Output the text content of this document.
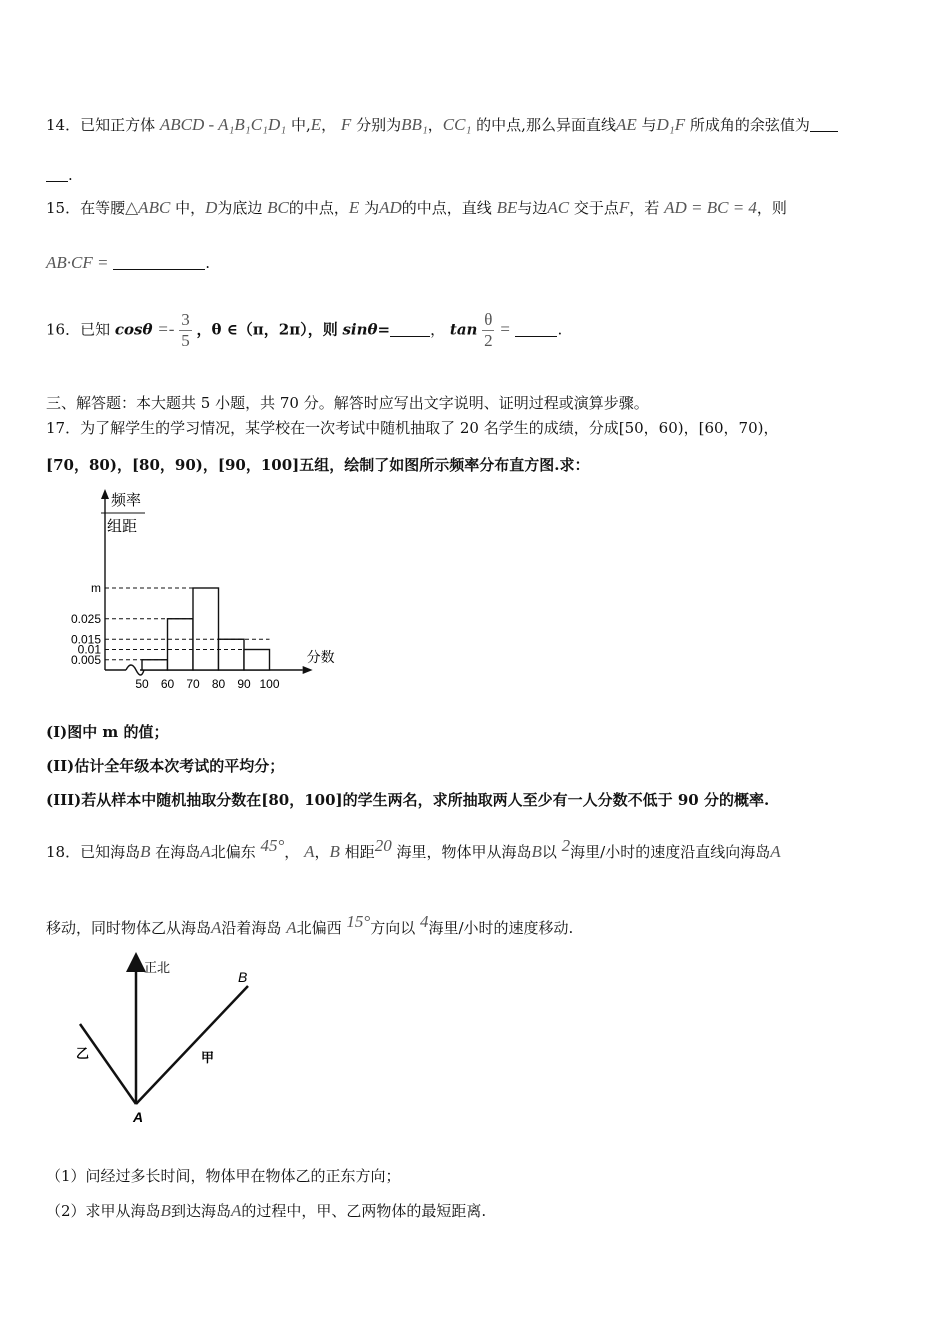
14．已知正方体 ABCD - A₁B₁C₁D₁ 中,E， F 分别为BB₁，CC₁ 的中点,那么异面直线AE 与D₁F 所成角的余弦值为
.
15．在等腰△ABC 中，D为底边 BC的中点，E 为AD的中点，直线 BE与边AC 交于点F，若 AD = BC = 4，则
AB·CF =	.
16．已知 $\cos\theta =- \frac{3}{5}$ ，θ ∈（π，2π），则 sinθ=	， $\tan \frac{\theta}{2}$ =	.
三、解答题：本大题共 5 小题，共 70 分。解答时应写出文字说明、证明过程或演算步骤。
17．为了解学生的学习情况，某学校在一次考试中随机抽取了 20 名学生的成绩，分成[50，60)，[60，70)，
[70，80)，[80，90)，[90，100]五组，绘制了如图所示频率分布直方图.求：
频率
组距
m
0.025
0.015
0.01
0.005
50 60 70 80 90 100
分数
(I)图中 m 的值；
(II)估计全年级本次考试的平均分；
(III)若从样本中随机抽取分数在[80，100]的学生两名，求所抽取两人至少有一人分数不低于 90 分的概率.
18．已知海岛B 在海岛A北偏东 45°， A，B 相距20 海里，物体甲从海岛B以 2海里/小时的速度沿直线向海岛A
移动，同时物体乙从海岛A沿着海岛 A北偏西 15°方向以 4海里/小时的速度移动.
正北
B
A
甲
乙
（1）问经过多长时间，物体甲在物体乙的正东方向；
（2）求甲从海岛B到达海岛A的过程中，甲、乙两物体的最短距离.
